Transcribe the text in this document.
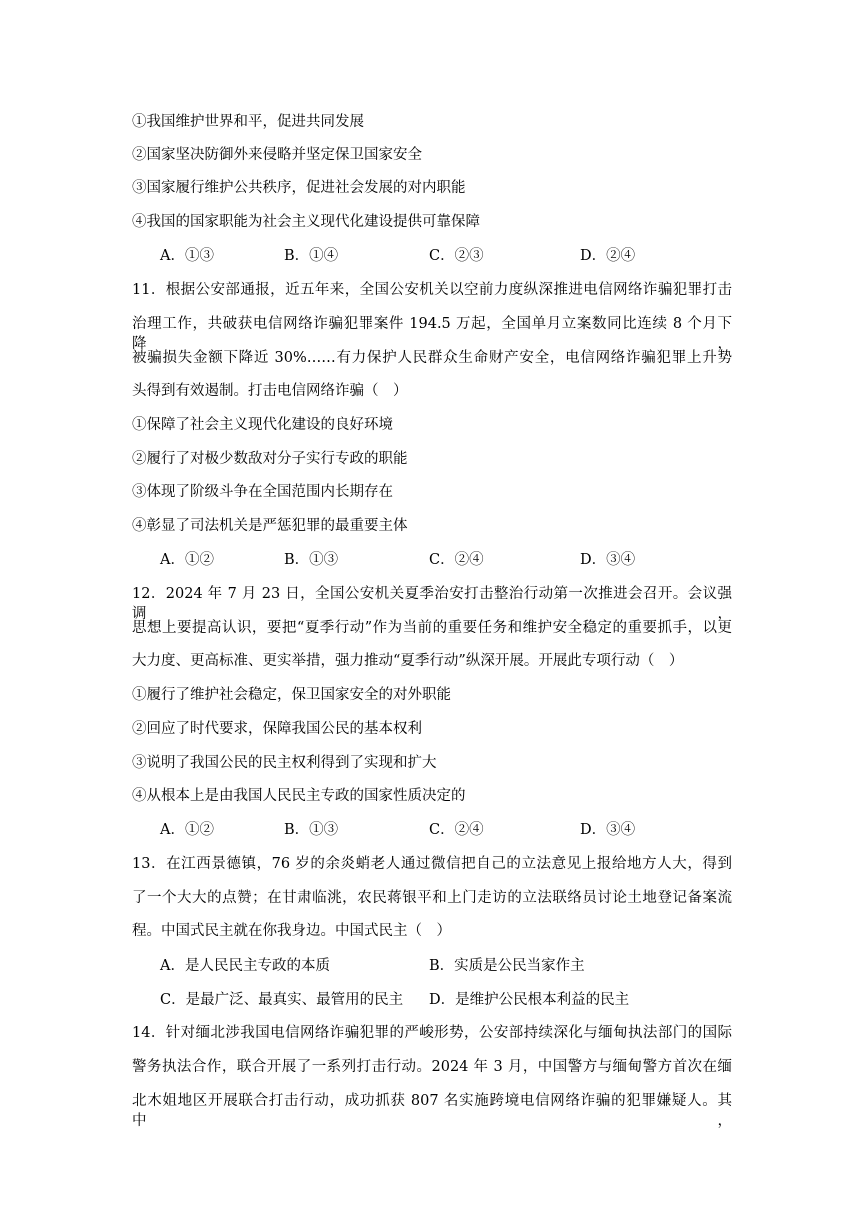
①我国维护世界和平，促进共同发展
②国家坚决防御外来侵略并坚定保卫国家安全
③国家履行维护公共秩序，促进社会发展的对内职能
④我国的国家职能为社会主义现代化建设提供可靠保障
A．①③	B．①④	C．②③	D．②④
11．根据公安部通报，近五年来，全国公安机关以空前力度纵深推进电信网络诈骗犯罪打击
治理工作，共破获电信网络诈骗犯罪案件 194.5 万起，全国单月立案数同比连续 8 个月下降，
被骗损失金额下降近 30%……有力保护人民群众生命财产安全，电信网络诈骗犯罪上升势
头得到有效遏制。打击电信网络诈骗（　）
①保障了社会主义现代化建设的良好环境
②履行了对极少数敌对分子实行专政的职能
③体现了阶级斗争在全国范围内长期存在
④彰显了司法机关是严惩犯罪的最重要主体
A．①②	B．①③	C．②④	D．③④
12．2024 年 7 月 23 日，全国公安机关夏季治安打击整治行动第一次推进会召开。会议强调，
思想上要提高认识，要把“夏季行动”作为当前的重要任务和维护安全稳定的重要抓手，以更
大力度、更高标准、更实举措，强力推动“夏季行动”纵深开展。开展此专项行动（　）
①履行了维护社会稳定，保卫国家安全的对外职能
②回应了时代要求，保障我国公民的基本权利
③说明了我国公民的民主权利得到了实现和扩大
④从根本上是由我国人民民主专政的国家性质决定的
A．①②	B．①③	C．②④	D．③④
13．在江西景德镇，76 岁的余炎蛸老人通过微信把自己的立法意见上报给地方人大，得到
了一个大大的点赞；在甘肃临洮，农民蒋银平和上门走访的立法联络员讨论土地登记备案流
程。中国式民主就在你我身边。中国式民主（　）
A．是人民民主专政的本质	B．实质是公民当家作主
C．是最广泛、最真实、最管用的民主 D．是维护公民根本利益的民主
14．针对缅北涉我国电信网络诈骗犯罪的严峻形势，公安部持续深化与缅甸执法部门的国际
警务执法合作，联合开展了一系列打击行动。2024 年 3 月，中国警方与缅甸警方首次在缅
北木姐地区开展联合打击行动，成功抓获 807 名实施跨境电信网络诈骗的犯罪嫌疑人。其中，
